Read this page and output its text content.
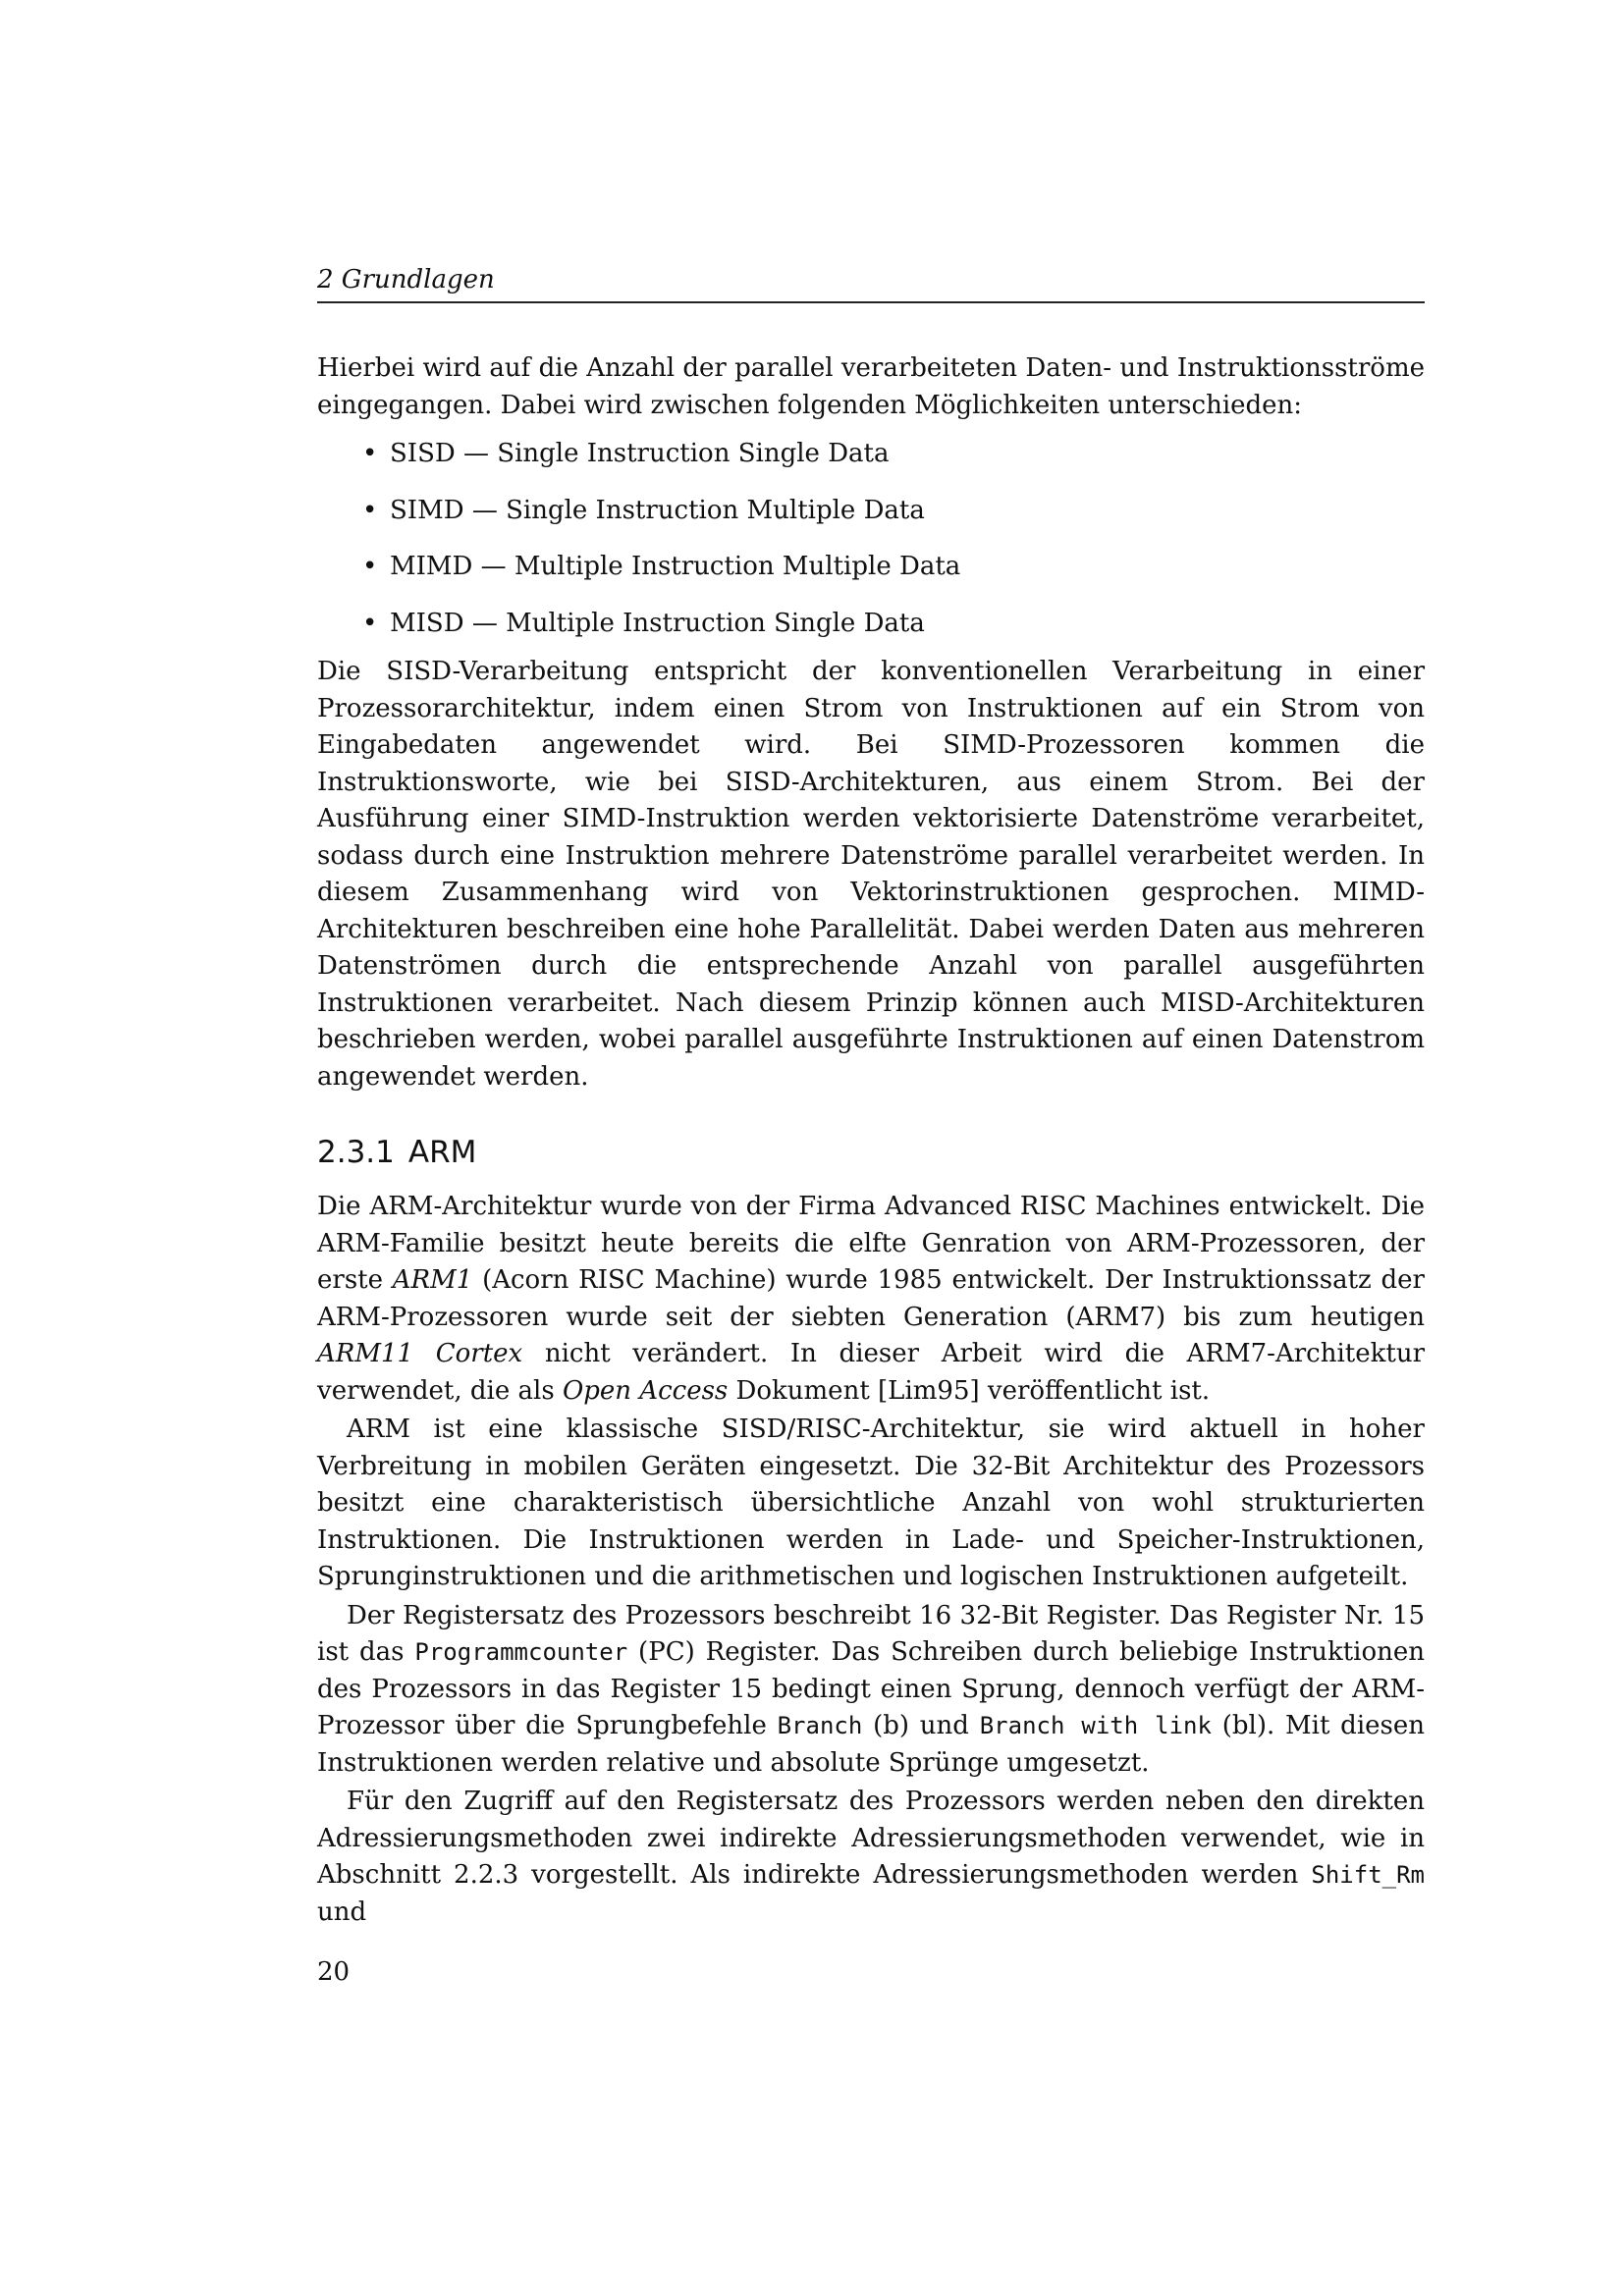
2 Grundlagen

Hierbei wird auf die Anzahl der parallel verarbeiteten Daten- und Instruktionsströme eingegangen. Dabei wird zwischen folgenden Möglichkeiten unterschieden:

• SISD — Single Instruction Single Data
• SIMD — Single Instruction Multiple Data
• MIMD — Multiple Instruction Multiple Data
• MISD — Multiple Instruction Single Data

Die SISD-Verarbeitung entspricht der konventionellen Verarbeitung in einer Prozessorarchitektur, indem einen Strom von Instruktionen auf ein Strom von Eingabedaten angewendet wird. Bei SIMD-Prozessoren kommen die Instruktionsworte, wie bei SISD-Architekturen, aus einem Strom. Bei der Ausführung einer SIMD-Instruktion werden vektorisierte Datenströme verarbeitet, sodass durch eine Instruktion mehrere Datenströme parallel verarbeitet werden. In diesem Zusammenhang wird von Vektorinstruktionen gesprochen. MIMD-Architekturen beschreiben eine hohe Parallelität. Dabei werden Daten aus mehreren Datenströmen durch die entsprechende Anzahl von parallel ausgeführten Instruktionen verarbeitet. Nach diesem Prinzip können auch MISD-Architekturen beschrieben werden, wobei parallel ausgeführte Instruktionen auf einen Datenstrom angewendet werden.

2.3.1 ARM

Die ARM-Architektur wurde von der Firma Advanced RISC Machines entwickelt. Die ARM-Familie besitzt heute bereits die elfte Genration von ARM-Prozessoren, der erste ARM1 (Acorn RISC Machine) wurde 1985 entwickelt. Der Instruktionssatz der ARM-Prozessoren wurde seit der siebten Generation (ARM7) bis zum heutigen ARM11 Cortex nicht verändert. In dieser Arbeit wird die ARM7-Architektur verwendet, die als Open Access Dokument [Lim95] veröffentlicht ist.

ARM ist eine klassische SISD/RISC-Architektur, sie wird aktuell in hoher Verbreitung in mobilen Geräten eingesetzt. Die 32-Bit Architektur des Prozessors besitzt eine charakteristisch übersichtliche Anzahl von wohl strukturierten Instruktionen. Die Instruktionen werden in Lade- und Speicher-Instruktionen, Sprunginstruktionen und die arithmetischen und logischen Instruktionen aufgeteilt.

Der Registersatz des Prozessors beschreibt 16 32-Bit Register. Das Register Nr. 15 ist das Programmcounter (PC) Register. Das Schreiben durch beliebige Instruktionen des Prozessors in das Register 15 bedingt einen Sprung, dennoch verfügt der ARM-Prozessor über die Sprungbefehle Branch (b) und Branch with link (bl). Mit diesen Instruktionen werden relative und absolute Sprünge umgesetzt.

Für den Zugriff auf den Registersatz des Prozessors werden neben den direkten Adressierungsmethoden zwei indirekte Adressierungsmethoden verwendet, wie in Abschnitt 2.2.3 vorgestellt. Als indirekte Adressierungsmethoden werden Shift_Rm und

20
